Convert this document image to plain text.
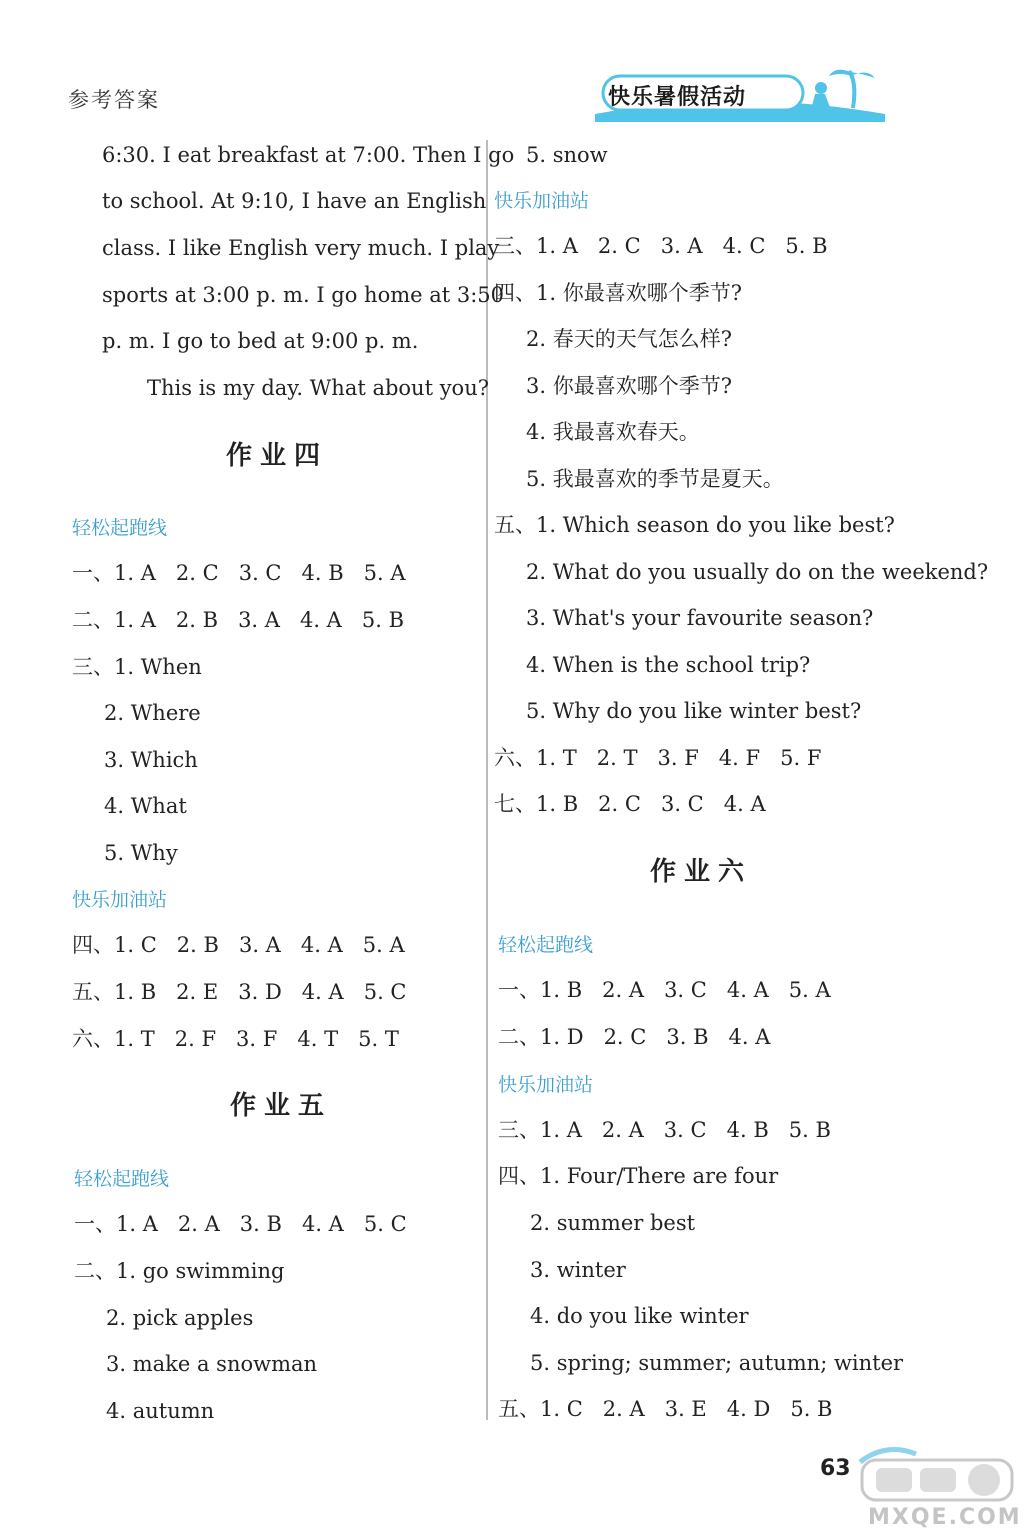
参考答案	快乐暑假活动
6:30. I eat breakfast at 7:00. Then I go
to school. At 9:10, I have an English
class. I like English very much. I play
sports at 3:00 p. m. I go home at 3:50
p. m. I go to bed at 9:00 p. m.
This is my day. What about you?
作业四
轻松起跑线
一、1. A   2. C   3. C   4. B   5. A
二、1. A   2. B   3. A   4. A   5. B
三、1. When
2. Where
3. Which
4. What
5. Why
快乐加油站
四、1. C   2. B   3. A   4. A   5. A
五、1. B   2. E   3. D   4. A   5. C
六、1. T   2. F   3. F   4. T   5. T
作业五
轻松起跑线
一、1. A   2. A   3. B   4. A   5. C
二、1. go swimming
2. pick apples
3. make a snowman
4. autumn
5. snow
快乐加油站
三、1. A   2. C   3. A   4. C   5. B
四、1. 你最喜欢哪个季节?
2. 春天的天气怎么样?
3. 你最喜欢哪个季节?
4. 我最喜欢春天。
5. 我最喜欢的季节是夏天。
五、1. Which season do you like best?
2. What do you usually do on the weekend?
3. What's your favourite season?
4. When is the school trip?
5. Why do you like winter best?
六、1. T   2. T   3. F   4. F   5. F
七、1. B   2. C   3. C   4. A
作业六
轻松起跑线
一、1. B   2. A   3. C   4. A   5. A
二、1. D   2. C   3. B   4. A
快乐加油站
三、1. A   2. A   3. C   4. B   5. B
四、1. Four/There are four
2. summer best
3. winter
4. do you like winter
5. spring; summer; autumn; winter
五、1. C   2. A   3. E   4. D   5. B
63
MXQE.COM
